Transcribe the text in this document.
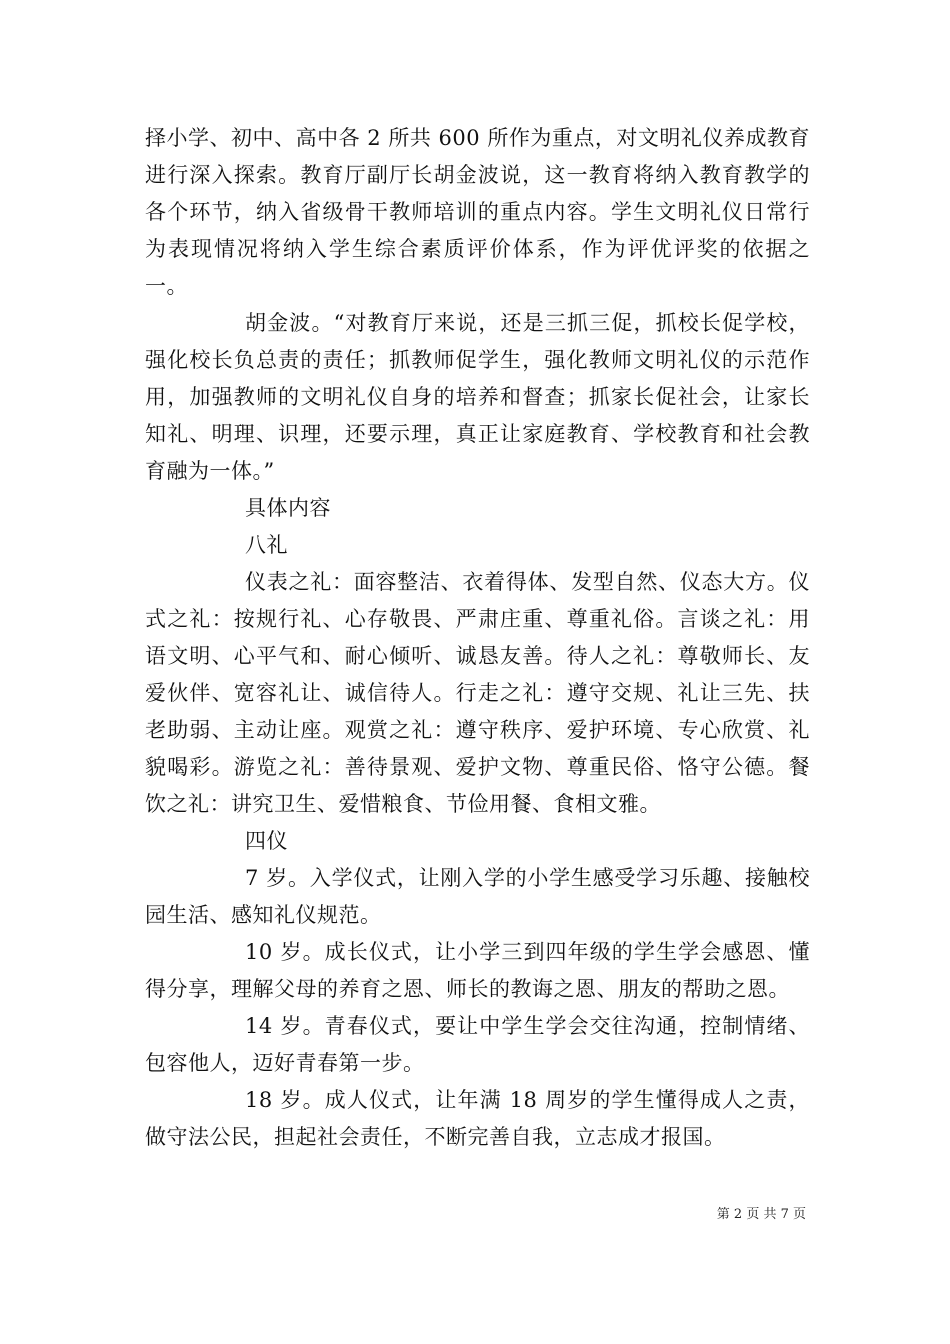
择小学、初中、高中各 2 所共 600 所作为重点，对文明礼仪养成教育进行深入探索。教育厅副厅长胡金波说，这一教育将纳入教育教学的各个环节，纳入省级骨干教师培训的重点内容。学生文明礼仪日常行为表现情况将纳入学生综合素质评价体系，作为评优评奖的依据之一。

胡金波。“对教育厅来说，还是三抓三促，抓校长促学校，强化校长负总责的责任；抓教师促学生，强化教师文明礼仪的示范作用，加强教师的文明礼仪自身的培养和督查；抓家长促社会，让家长知礼、明理、识理，还要示理，真正让家庭教育、学校教育和社会教育融为一体。”

具体内容

八礼

仪表之礼：面容整洁、衣着得体、发型自然、仪态大方。仪式之礼：按规行礼、心存敬畏、严肃庄重、尊重礼俗。言谈之礼：用语文明、心平气和、耐心倾听、诚恳友善。待人之礼：尊敬师长、友爱伙伴、宽容礼让、诚信待人。行走之礼：遵守交规、礼让三先、扶老助弱、主动让座。观赏之礼：遵守秩序、爱护环境、专心欣赏、礼貌喝彩。游览之礼：善待景观、爱护文物、尊重民俗、恪守公德。餐饮之礼：讲究卫生、爱惜粮食、节俭用餐、食相文雅。

四仪

7 岁。入学仪式，让刚入学的小学生感受学习乐趣、接触校园生活、感知礼仪规范。

10 岁。成长仪式，让小学三到四年级的学生学会感恩、懂得分享，理解父母的养育之恩、师长的教诲之恩、朋友的帮助之恩。

14 岁。青春仪式，要让中学生学会交往沟通，控制情绪、包容他人，迈好青春第一步。

18 岁。成人仪式，让年满 18 周岁的学生懂得成人之责，做守法公民，担起社会责任，不断完善自我，立志成才报国。

第 2 页 共 7 页
